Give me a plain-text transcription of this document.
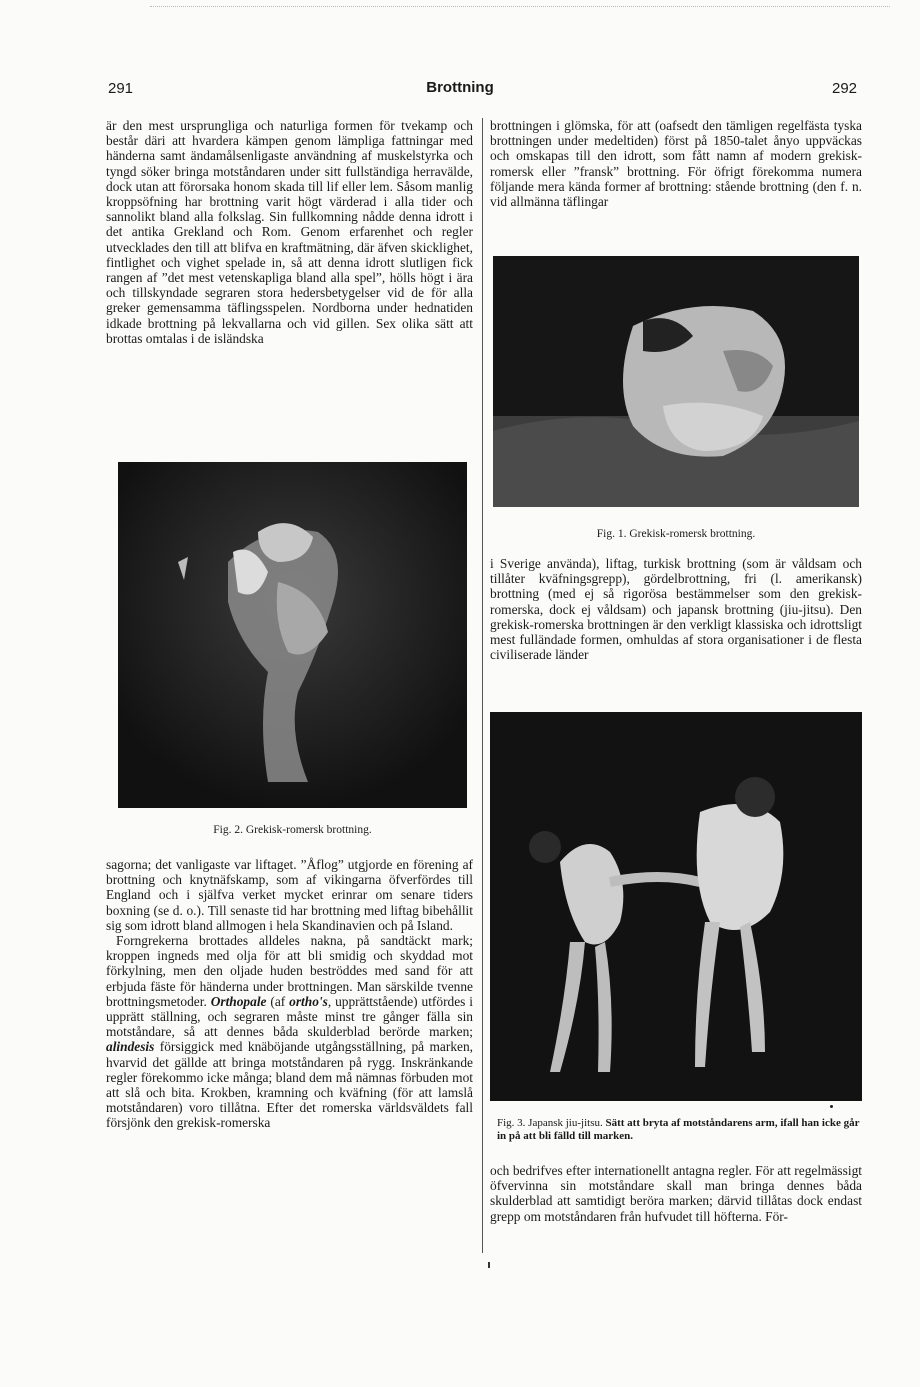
291	Brottning	292

är den mest ursprungliga och naturliga formen för tvekamp och består däri att hvardera kämpen genom lämpliga fattningar med händerna samt ändamålsenligaste användning af muskelstyrka och tyngd söker bringa motståndaren under sitt fullständiga herravälde, dock utan att förorsaka honom skada till lif eller lem. Såsom manlig kroppsöfning har brottning varit högt värderad i alla tider och sannolikt bland alla folkslag. Sin fullkomning nådde denna idrott i det antika Grekland och Rom. Genom erfarenhet och regler utvecklades den till att blifva en kraftmätning, där äfven skicklighet, fintlighet och vighet spelade in, så att denna idrott slutligen fick rangen af ”det mest vetenskapliga bland alla spel”, hölls högt i ära och tillskyndade segraren stora hedersbetygelser vid de för alla greker gemensamma täflingsspelen. Nordborna under hednatiden idkade brottning på lekvallarna och vid gillen. Sex olika sätt att brottas omtalas i de isländska

Fig. 2. Grekisk-romersk brottning.

sagorna; det vanligaste var liftaget. ”Åflog” utgjorde en förening af brottning och knytnäfskamp, som af vikingarna öfverfördes till England och i själfva verket mycket erinrar om senare tiders boxning (se d. o.). Till senaste tid har brottning med liftag bibehållit sig som idrott bland allmogen i hela Skandinavien och på Island.

Forngrekerna brottades alldeles nakna, på sandtäckt mark; kroppen ingneds med olja för att bli smidig och skyddad mot förkylning, men den oljade huden beströddes med sand för att erbjuda fäste för händerna under brottningen. Man särskilde tvenne brottningsmetoder. Orthopale (af ortho's, upprättstående) utfördes i upprätt ställning, och segraren måste minst tre gånger fälla sin motståndare, så att dennes båda skulderblad berörde marken; alindesis försiggick med knäböjande utgångsställning, på marken, hvarvid det gällde att bringa motståndaren på rygg. Inskränkande regler förekommo icke många; bland dem må nämnas förbuden mot att slå och bita. Krokben, kramning och kväfning (för att lamslå motståndaren) voro tillåtna. Efter det romerska världsväldets fall försjönk den grekisk-romerska

brottningen i glömska, för att (oafsedt den tämligen regelfästa tyska brottningen under medeltiden) först på 1850-talet ånyo uppväckas och omskapas till den idrott, som fått namn af modern grekisk-romersk eller ”fransk” brottning. För öfrigt förekomma numera följande mera kända former af brottning: stående brottning (den f. n. vid allmänna täflingar

Fig. 1. Grekisk-romersk brottning.

i Sverige använda), liftag, turkisk brottning (som är våldsam och tillåter kväfningsgrepp), gördelbrottning, fri (l. amerikansk) brottning (med ej så rigorösa bestämmelser som den grekisk-romerska, dock ej våldsam) och japansk brottning (jiu-jitsu). Den grekisk-romerska brottningen är den verkligt klassiska och idrottsligt mest fulländade formen, omhuldas af stora organisationer i de flesta civiliserade länder

Fig. 3. Japansk jiu-jitsu. Sätt att bryta af motståndarens arm, ifall han icke går in på att bli fälld till marken.

och bedrifves efter internationellt antagna regler. För att regelmässigt öfvervinna sin motståndare skall man bringa dennes båda skulderblad att samtidigt beröra marken; därvid tillåtas dock endast grepp om motståndaren från hufvudet till höfterna. För-
